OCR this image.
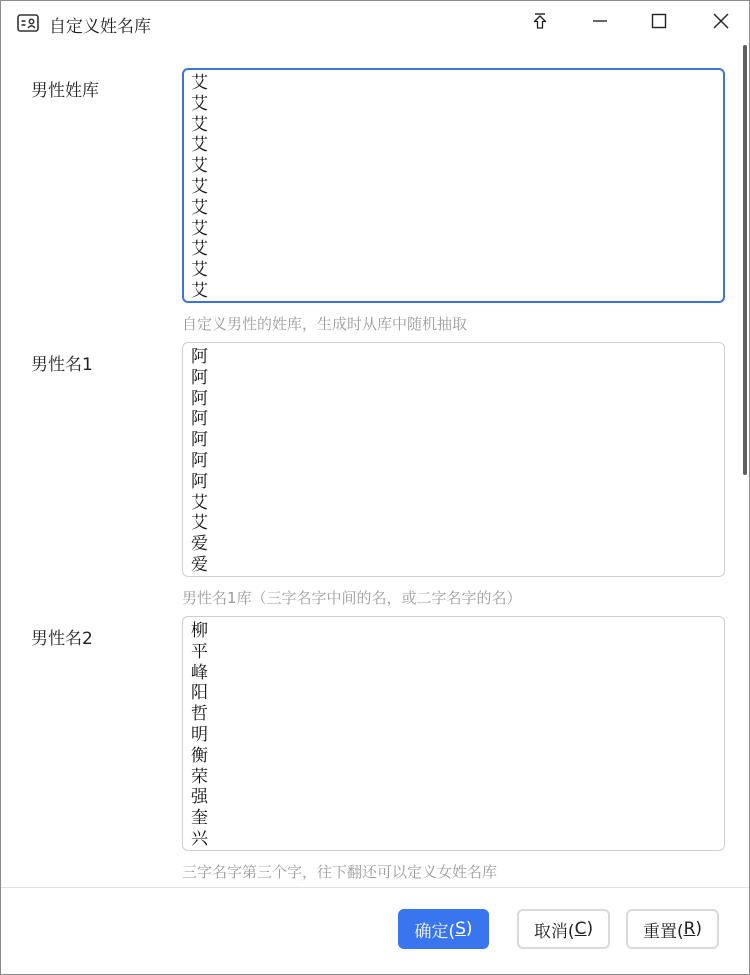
自定义姓名库
男性姓库	艾
艾
艾
艾
艾
艾
艾
艾
艾
艾
艾
自定义男性的姓库，生成时从库中随机抽取
男性名1	阿
阿
阿
阿
阿
阿
阿
艾
艾
爱
爱
男性名1库（三字名字中间的名，或二字名字的名）
男性名2	柳
平
峰
阳
哲
明
衡
荣
强
奎
兴
三字名字第三个字，往下翻还可以定义女姓名库
确定( S )	取消( C )	重置( R )
